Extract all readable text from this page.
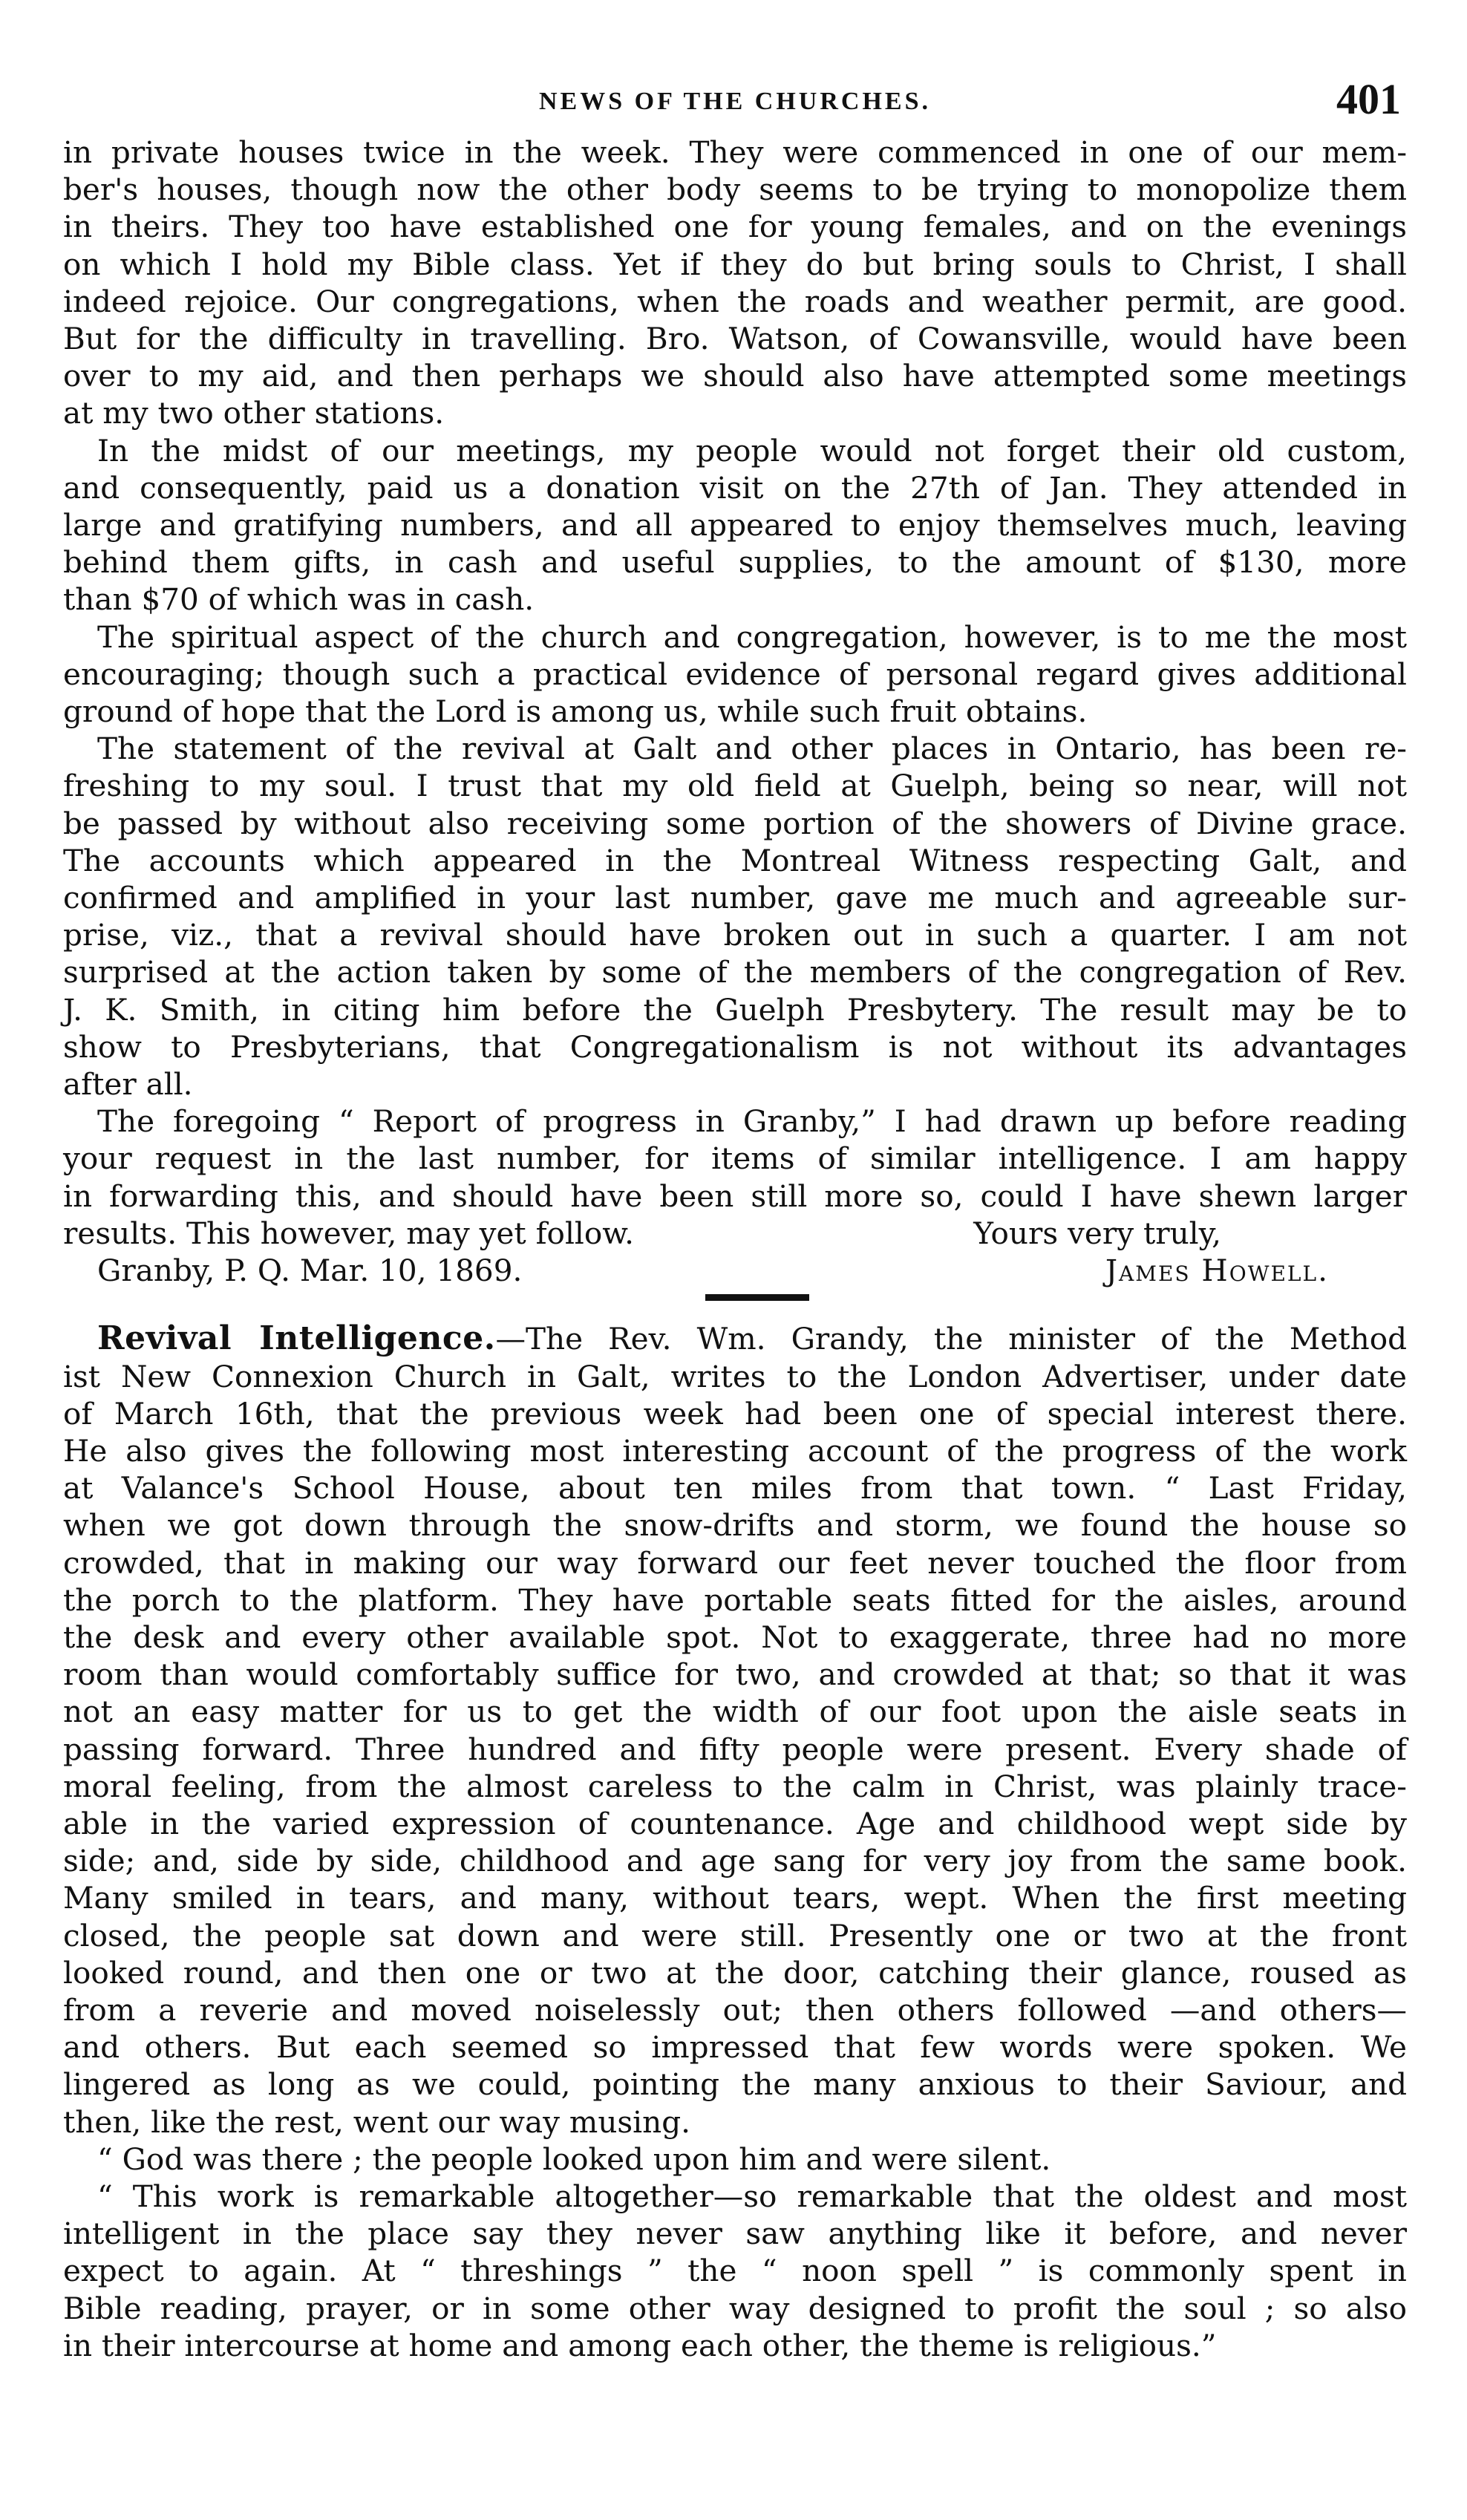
NEWS OF THE CHURCHES.	401
in private houses twice in the week. They were commenced in one of our mem-
ber's houses, though now the other body seems to be trying to monopolize them
in theirs. They too have established one for young females, and on the evenings
on which I hold my Bible class. Yet if they do but bring souls to Christ, I shall
indeed rejoice. Our congregations, when the roads and weather permit, are good.
But for the difficulty in travelling. Bro. Watson, of Cowansville, would have been
over to my aid, and then perhaps we should also have attempted some meetings
at my two other stations.
In the midst of our meetings, my people would not forget their old custom,
and consequently, paid us a donation visit on the 27th of Jan. They attended in
large and gratifying numbers, and all appeared to enjoy themselves much, leaving
behind them gifts, in cash and useful supplies, to the amount of $130, more
than $70 of which was in cash.
The spiritual aspect of the church and congregation, however, is to me the most
encouraging; though such a practical evidence of personal regard gives additional
ground of hope that the Lord is among us, while such fruit obtains.
The statement of the revival at Galt and other places in Ontario, has been re-
freshing to my soul. I trust that my old field at Guelph, being so near, will not
be passed by without also receiving some portion of the showers of Divine grace.
The accounts which appeared in the Montreal Witness respecting Galt, and
confirmed and amplified in your last number, gave me much and agreeable sur-
prise, viz., that a revival should have broken out in such a quarter. I am not
surprised at the action taken by some of the members of the congregation of Rev.
J. K. Smith, in citing him before the Guelph Presbytery. The result may be to
show to Presbyterians, that Congregationalism is not without its advantages
after all.
The foregoing “ Report of progress in Granby,” I had drawn up before reading
your request in the last number, for items of similar intelligence. I am happy
in forwarding this, and should have been still more so, could I have shewn larger
results. This however, may yet follow.	Yours very truly,
Granby, P. Q. Mar. 10, 1869.	James Howell.
Revival Intelligence.—The Rev. Wm. Grandy, the minister of the Method
ist New Connexion Church in Galt, writes to the London Advertiser, under date
of March 16th, that the previous week had been one of special interest there.
He also gives the following most interesting account of the progress of the work
at Valance's School House, about ten miles from that town. “ Last Friday,
when we got down through the snow-drifts and storm, we found the house so
crowded, that in making our way forward our feet never touched the floor from
the porch to the platform. They have portable seats fitted for the aisles, around
the desk and every other available spot. Not to exaggerate, three had no more
room than would comfortably suffice for two, and crowded at that; so that it was
not an easy matter for us to get the width of our foot upon the aisle seats in
passing forward. Three hundred and fifty people were present. Every shade of
moral feeling, from the almost careless to the calm in Christ, was plainly trace-
able in the varied expression of countenance. Age and childhood wept side by
side; and, side by side, childhood and age sang for very joy from the same book.
Many smiled in tears, and many, without tears, wept. When the first meeting
closed, the people sat down and were still. Presently one or two at the front
looked round, and then one or two at the door, catching their glance, roused as
from a reverie and moved noiselessly out; then others followed —and others—
and others. But each seemed so impressed that few words were spoken. We
lingered as long as we could, pointing the many anxious to their Saviour, and
then, like the rest, went our way musing.
“ God was there ; the people looked upon him and were silent.
“ This work is remarkable altogether—so remarkable that the oldest and most
intelligent in the place say they never saw anything like it before, and never
expect to again. At “ threshings ” the “ noon spell ” is commonly spent in
Bible reading, prayer, or in some other way designed to profit the soul ; so also
in their intercourse at home and among each other, the theme is religious.”
